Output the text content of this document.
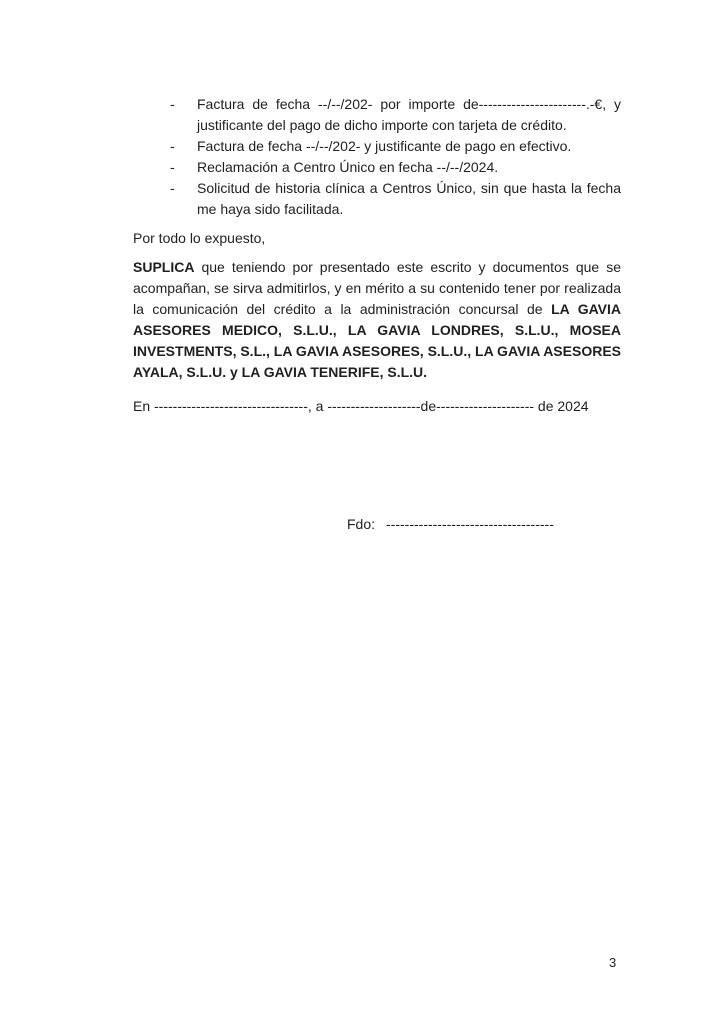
-	Factura de fecha --/--/202- por importe de-----------------------.-€, y justificante del pago de dicho importe con tarjeta de crédito.
-	Factura de fecha --/--/202- y justificante de pago en efectivo.
-	Reclamación a Centro Único en fecha --/--/2024.
-	Solicitud de historia clínica a Centros Único, sin que hasta la fecha me haya sido facilitada.

Por todo lo expuesto,

SUPLICA que teniendo por presentado este escrito y documentos que se acompañan, se sirva admitirlos, y en mérito a su contenido tener por realizada la comunicación del crédito a la administración concursal de LA GAVIA ASESORES MEDICO, S.L.U., LA GAVIA LONDRES, S.L.U., MOSEA INVESTMENTS, S.L., LA GAVIA ASESORES, S.L.U., LA GAVIA ASESORES AYALA, S.L.U. y LA GAVIA TENERIFE, S.L.U.

En ---------------------------------, a --------------------de--------------------- de 2024

Fdo: ------------------------------------

3
